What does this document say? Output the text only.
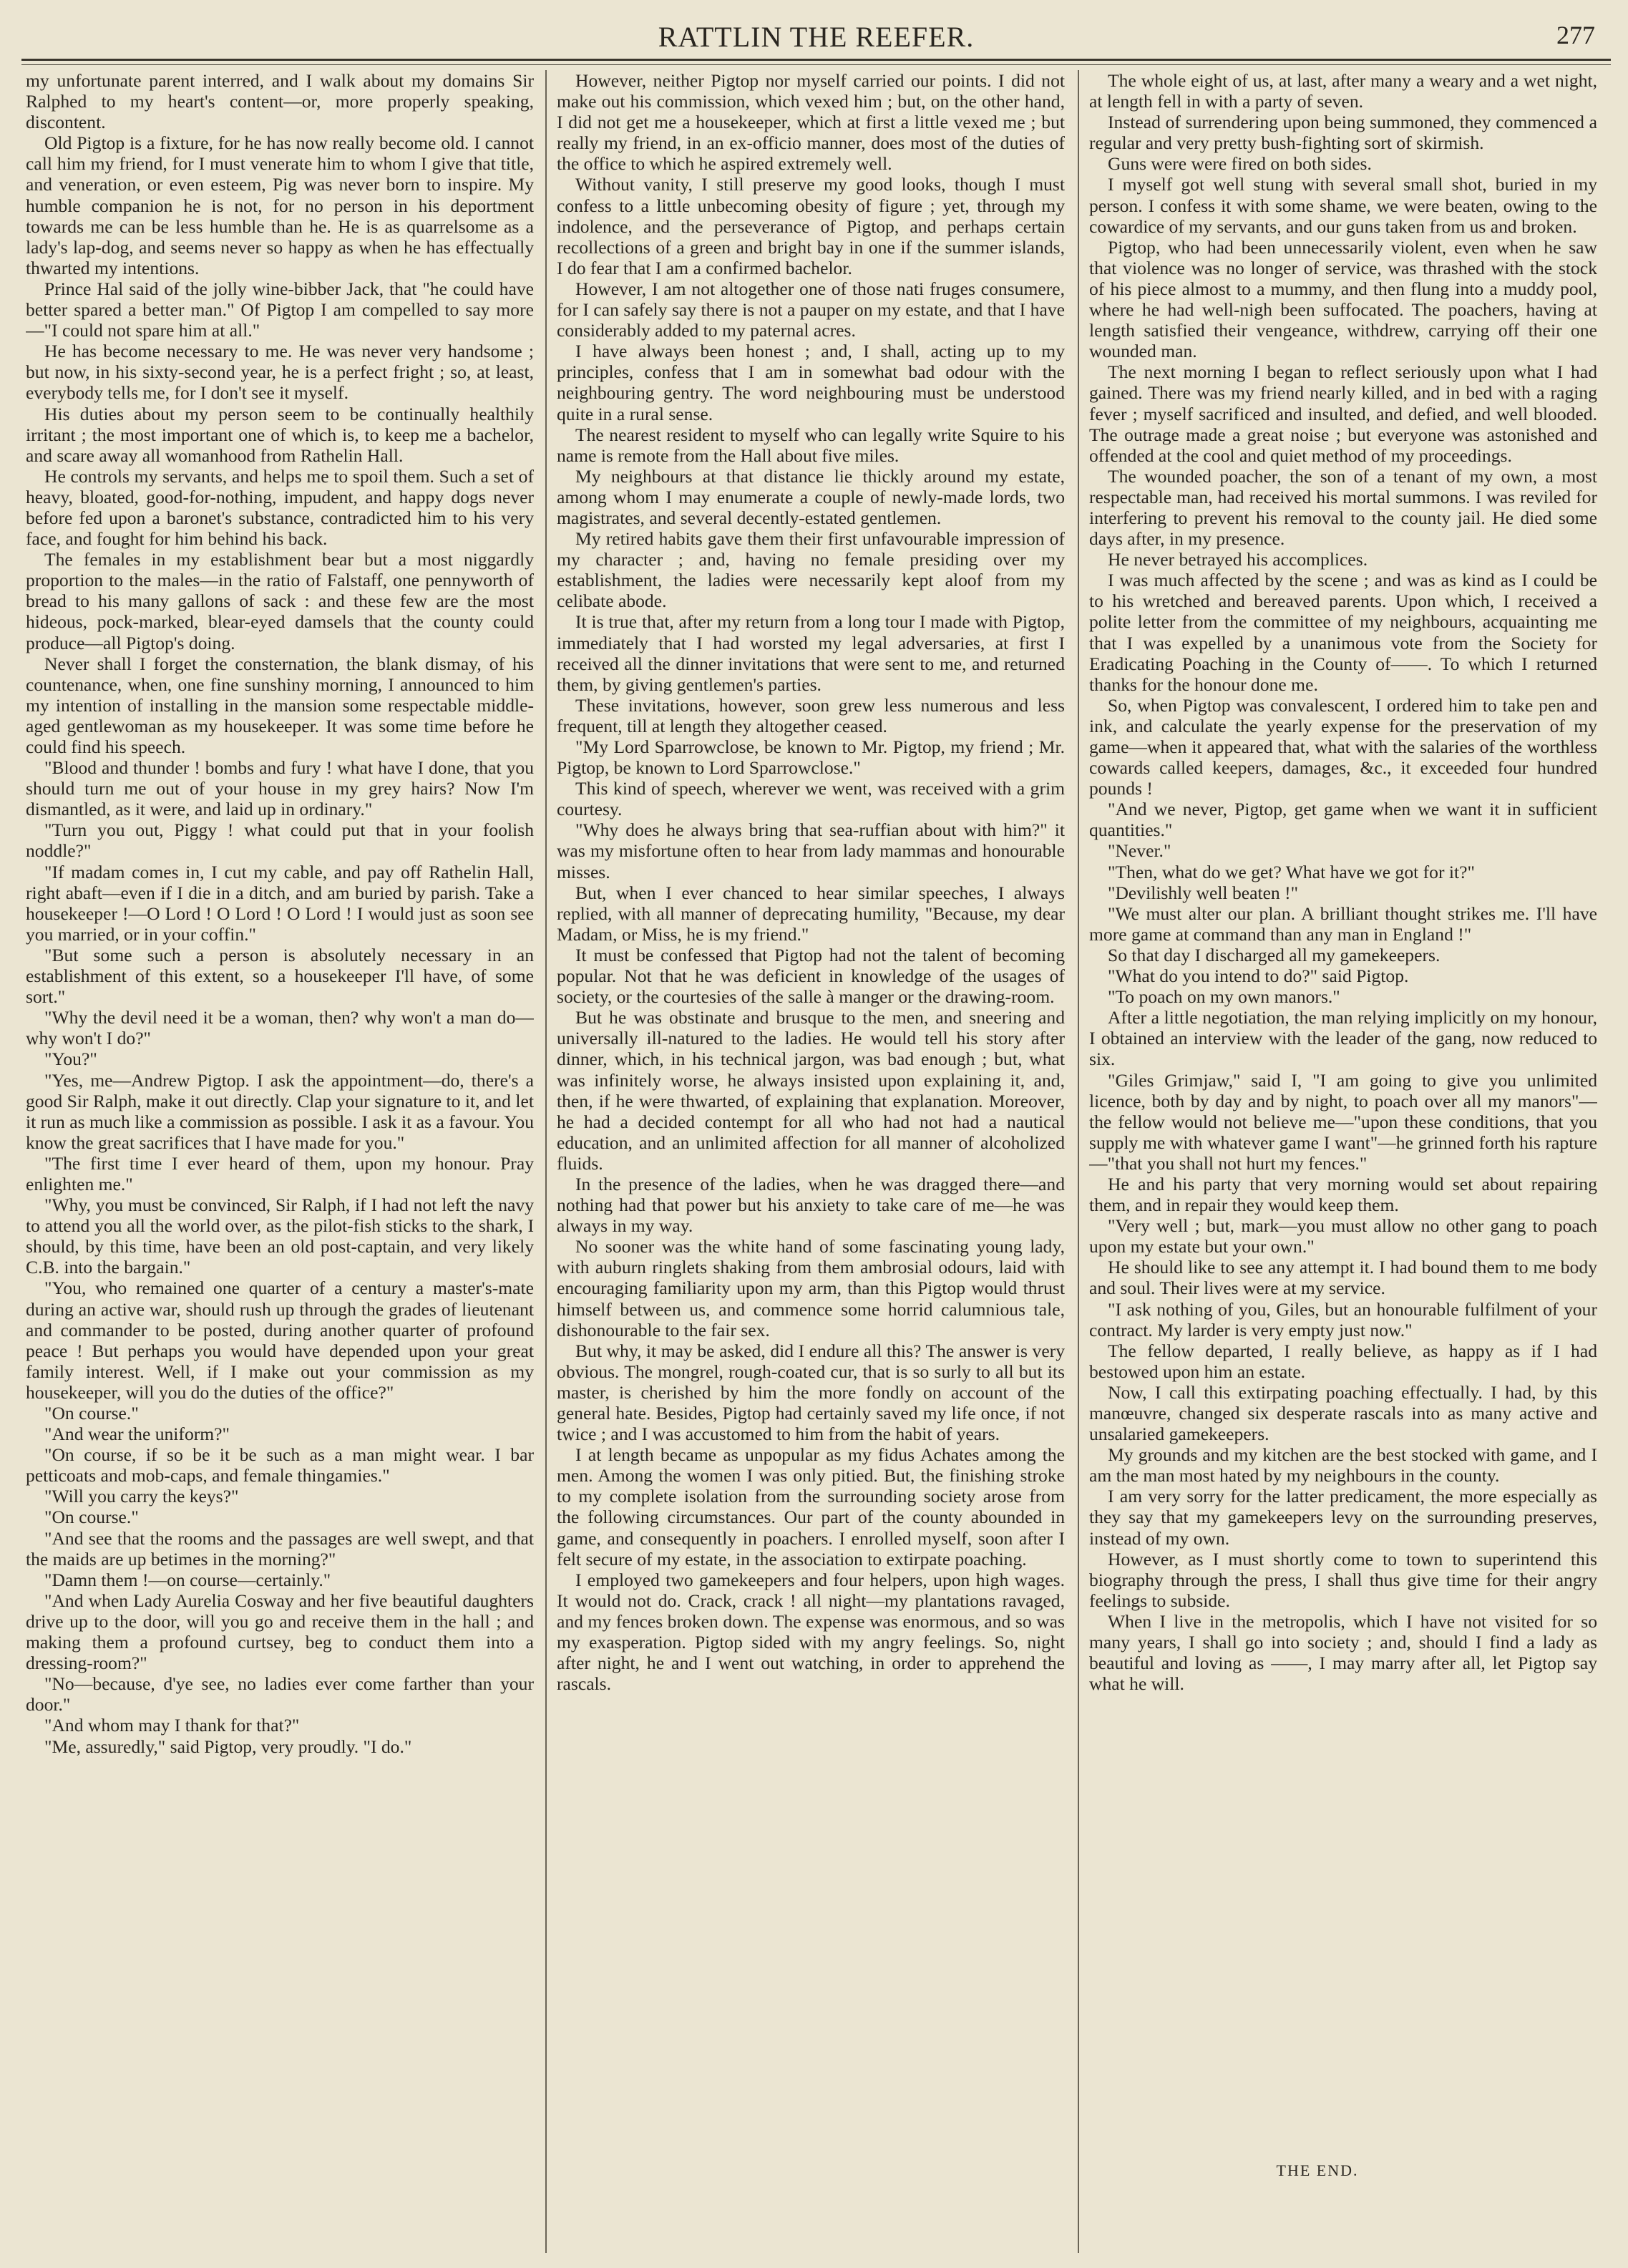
RATTLIN THE REEFER.	277

my unfortunate parent interred, and I walk about my domains Sir Ralphed to my heart's content—or, more properly speaking, discontent.

Old Pigtop is a fixture, for he has now really become old. I cannot call him my friend, for I must venerate him to whom I give that title, and veneration, or even esteem, Pig was never born to inspire. My humble companion he is not, for no person in his deportment towards me can be less humble than he. He is as quarrelsome as a lady's lap-dog, and seems never so happy as when he has effectually thwarted my intentions.

Prince Hal said of the jolly wine-bibber Jack, that "he could have better spared a better man." Of Pigtop I am compelled to say more—"I could not spare him at all."

He has become necessary to me. He was never very handsome ; but now, in his sixty-second year, he is a perfect fright ; so, at least, everybody tells me, for I don't see it myself.

His duties about my person seem to be continually healthily irritant ; the most important one of which is, to keep me a bachelor, and scare away all womanhood from Rathelin Hall.

He controls my servants, and helps me to spoil them. Such a set of heavy, bloated, good-for-nothing, impudent, and happy dogs never before fed upon a baronet's substance, contradicted him to his very face, and fought for him behind his back.

The females in my establishment bear but a most niggardly proportion to the males—in the ratio of Falstaff, one pennyworth of bread to his many gallons of sack : and these few are the most hideous, pock-marked, blear-eyed damsels that the county could produce—all Pigtop's doing.

Never shall I forget the consternation, the blank dismay, of his countenance, when, one fine sunshiny morning, I announced to him my intention of installing in the mansion some respectable middle-aged gentlewoman as my housekeeper. It was some time before he could find his speech.

"Blood and thunder ! bombs and fury ! what have I done, that you should turn me out of your house in my grey hairs? Now I'm dismantled, as it were, and laid up in ordinary."

"Turn you out, Piggy ! what could put that in your foolish noddle?"

"If madam comes in, I cut my cable, and pay off Rathelin Hall, right abaft—even if I die in a ditch, and am buried by parish. Take a housekeeper !—O Lord ! O Lord ! O Lord ! I would just as soon see you married, or in your coffin."

"But some such a person is absolutely necessary in an establishment of this extent, so a housekeeper I'll have, of some sort."

"Why the devil need it be a woman, then? why won't a man do—why won't I do?"

"You?"

"Yes, me—Andrew Pigtop. I ask the appointment—do, there's a good Sir Ralph, make it out directly. Clap your signature to it, and let it run as much like a commission as possible. I ask it as a favour. You know the great sacrifices that I have made for you."

"The first time I ever heard of them, upon my honour. Pray enlighten me."

"Why, you must be convinced, Sir Ralph, if I had not left the navy to attend you all the world over, as the pilot-fish sticks to the shark, I should, by this time, have been an old post-captain, and very likely C.B. into the bargain."

"You, who remained one quarter of a century a master's-mate during an active war, should rush up through the grades of lieutenant and commander to be posted, during another quarter of profound peace ! But perhaps you would have depended upon your great family interest. Well, if I make out your commission as my housekeeper, will you do the duties of the office?"

"On course."

"And wear the uniform?"

"On course, if so be it be such as a man might wear. I bar petticoats and mob-caps, and female thingamies."

"Will you carry the keys?"

"On course."

"And see that the rooms and the passages are well swept, and that the maids are up betimes in the morning?"

"Damn them !—on course—certainly."

"And when Lady Aurelia Cosway and her five beautiful daughters drive up to the door, will you go and receive them in the hall ; and making them a profound curtsey, beg to conduct them into a dressing-room?"

"No—because, d'ye see, no ladies ever come farther than your door."

"And whom may I thank for that?"

"Me, assuredly," said Pigtop, very proudly. "I do."

However, neither Pigtop nor myself carried our points. I did not make out his commission, which vexed him ; but, on the other hand, I did not get me a housekeeper, which at first a little vexed me ; but really my friend, in an ex-officio manner, does most of the duties of the office to which he aspired extremely well.

Without vanity, I still preserve my good looks, though I must confess to a little unbecoming obesity of figure ; yet, through my indolence, and the perseverance of Pigtop, and perhaps certain recollections of a green and bright bay in one if the summer islands, I do fear that I am a confirmed bachelor.

However, I am not altogether one of those nati fruges consumere, for I can safely say there is not a pauper on my estate, and that I have considerably added to my paternal acres.

I have always been honest ; and, I shall, acting up to my principles, confess that I am in somewhat bad odour with the neighbouring gentry. The word neighbouring must be understood quite in a rural sense.

The nearest resident to myself who can legally write Squire to his name is remote from the Hall about five miles.

My neighbours at that distance lie thickly around my estate, among whom I may enumerate a couple of newly-made lords, two magistrates, and several decently-estated gentlemen.

My retired habits gave them their first unfavourable impression of my character ; and, having no female presiding over my establishment, the ladies were necessarily kept aloof from my celibate abode.

It is true that, after my return from a long tour I made with Pigtop, immediately that I had worsted my legal adversaries, at first I received all the dinner invitations that were sent to me, and returned them, by giving gentlemen's parties.

These invitations, however, soon grew less numerous and less frequent, till at length they altogether ceased.

"My Lord Sparrowclose, be known to Mr. Pigtop, my friend ; Mr. Pigtop, be known to Lord Sparrowclose."

This kind of speech, wherever we went, was received with a grim courtesy.

"Why does he always bring that sea-ruffian about with him?" it was my misfortune often to hear from lady mammas and honourable misses.

But, when I ever chanced to hear similar speeches, I always replied, with all manner of deprecating humility, "Because, my dear Madam, or Miss, he is my friend."

It must be confessed that Pigtop had not the talent of becoming popular. Not that he was deficient in knowledge of the usages of society, or the courtesies of the salle à manger or the drawing-room.

But he was obstinate and brusque to the men, and sneering and universally ill-natured to the ladies. He would tell his story after dinner, which, in his technical jargon, was bad enough ; but, what was infinitely worse, he always insisted upon explaining it, and, then, if he were thwarted, of explaining that explanation. Moreover, he had a decided contempt for all who had not had a nautical education, and an unlimited affection for all manner of alcoholized fluids.

In the presence of the ladies, when he was dragged there—and nothing had that power but his anxiety to take care of me—he was always in my way.

No sooner was the white hand of some fascinating young lady, with auburn ringlets shaking from them ambrosial odours, laid with encouraging familiarity upon my arm, than this Pigtop would thrust himself between us, and commence some horrid calumnious tale, dishonourable to the fair sex.

But why, it may be asked, did I endure all this? The answer is very obvious. The mongrel, rough-coated cur, that is so surly to all but its master, is cherished by him the more fondly on account of the general hate. Besides, Pigtop had certainly saved my life once, if not twice ; and I was accustomed to him from the habit of years.

I at length became as unpopular as my fidus Achates among the men. Among the women I was only pitied. But, the finishing stroke to my complete isolation from the surrounding society arose from the following circumstances. Our part of the county abounded in game, and consequently in poachers. I enrolled myself, soon after I felt secure of my estate, in the association to extirpate poaching.

I employed two gamekeepers and four helpers, upon high wages. It would not do. Crack, crack ! all night—my plantations ravaged, and my fences broken down. The expense was enormous, and so was my exasperation. Pigtop sided with my angry feelings. So, night after night, he and I went out watching, in order to apprehend the rascals.

The whole eight of us, at last, after many a weary and a wet night, at length fell in with a party of seven.

Instead of surrendering upon being summoned, they commenced a regular and very pretty bush-fighting sort of skirmish.

Guns were were fired on both sides.

I myself got well stung with several small shot, buried in my person. I confess it with some shame, we were beaten, owing to the cowardice of my servants, and our guns taken from us and broken.

Pigtop, who had been unnecessarily violent, even when he saw that violence was no longer of service, was thrashed with the stock of his piece almost to a mummy, and then flung into a muddy pool, where he had well-nigh been suffocated. The poachers, having at length satisfied their vengeance, withdrew, carrying off their one wounded man.

The next morning I began to reflect seriously upon what I had gained. There was my friend nearly killed, and in bed with a raging fever ; myself sacrificed and insulted, and defied, and well blooded. The outrage made a great noise ; but everyone was astonished and offended at the cool and quiet method of my proceedings.

The wounded poacher, the son of a tenant of my own, a most respectable man, had received his mortal summons. I was reviled for interfering to prevent his removal to the county jail. He died some days after, in my presence.

He never betrayed his accomplices.

I was much affected by the scene ; and was as kind as I could be to his wretched and bereaved parents. Upon which, I received a polite letter from the committee of my neighbours, acquainting me that I was expelled by a unanimous vote from the Society for Eradicating Poaching in the County of——. To which I returned thanks for the honour done me.

So, when Pigtop was convalescent, I ordered him to take pen and ink, and calculate the yearly expense for the preservation of my game—when it appeared that, what with the salaries of the worthless cowards called keepers, damages, &c., it exceeded four hundred pounds !

"And we never, Pigtop, get game when we want it in sufficient quantities."

"Never."

"Then, what do we get? What have we got for it?"

"Devilishly well beaten !"

"We must alter our plan. A brilliant thought strikes me. I'll have more game at command than any man in England !"

So that day I discharged all my gamekeepers.

"What do you intend to do?" said Pigtop.

"To poach on my own manors."

After a little negotiation, the man relying implicitly on my honour, I obtained an interview with the leader of the gang, now reduced to six.

"Giles Grimjaw," said I, "I am going to give you unlimited licence, both by day and by night, to poach over all my manors"—the fellow would not believe me—"upon these conditions, that you supply me with whatever game I want"—he grinned forth his rapture—"that you shall not hurt my fences."

He and his party that very morning would set about repairing them, and in repair they would keep them.

"Very well ; but, mark—you must allow no other gang to poach upon my estate but your own."

He should like to see any attempt it. I had bound them to me body and soul. Their lives were at my service.

"I ask nothing of you, Giles, but an honourable fulfilment of your contract. My larder is very empty just now."

The fellow departed, I really believe, as happy as if I had bestowed upon him an estate.

Now, I call this extirpating poaching effectually. I had, by this manœuvre, changed six desperate rascals into as many active and unsalaried gamekeepers.

My grounds and my kitchen are the best stocked with game, and I am the man most hated by my neighbours in the county.

I am very sorry for the latter predicament, the more especially as they say that my gamekeepers levy on the surrounding preserves, instead of my own.

However, as I must shortly come to town to superintend this biography through the press, I shall thus give time for their angry feelings to subside.

When I live in the metropolis, which I have not visited for so many years, I shall go into society ; and, should I find a lady as beautiful and loving as ——, I may marry after all, let Pigtop say what he will.

THE END.
